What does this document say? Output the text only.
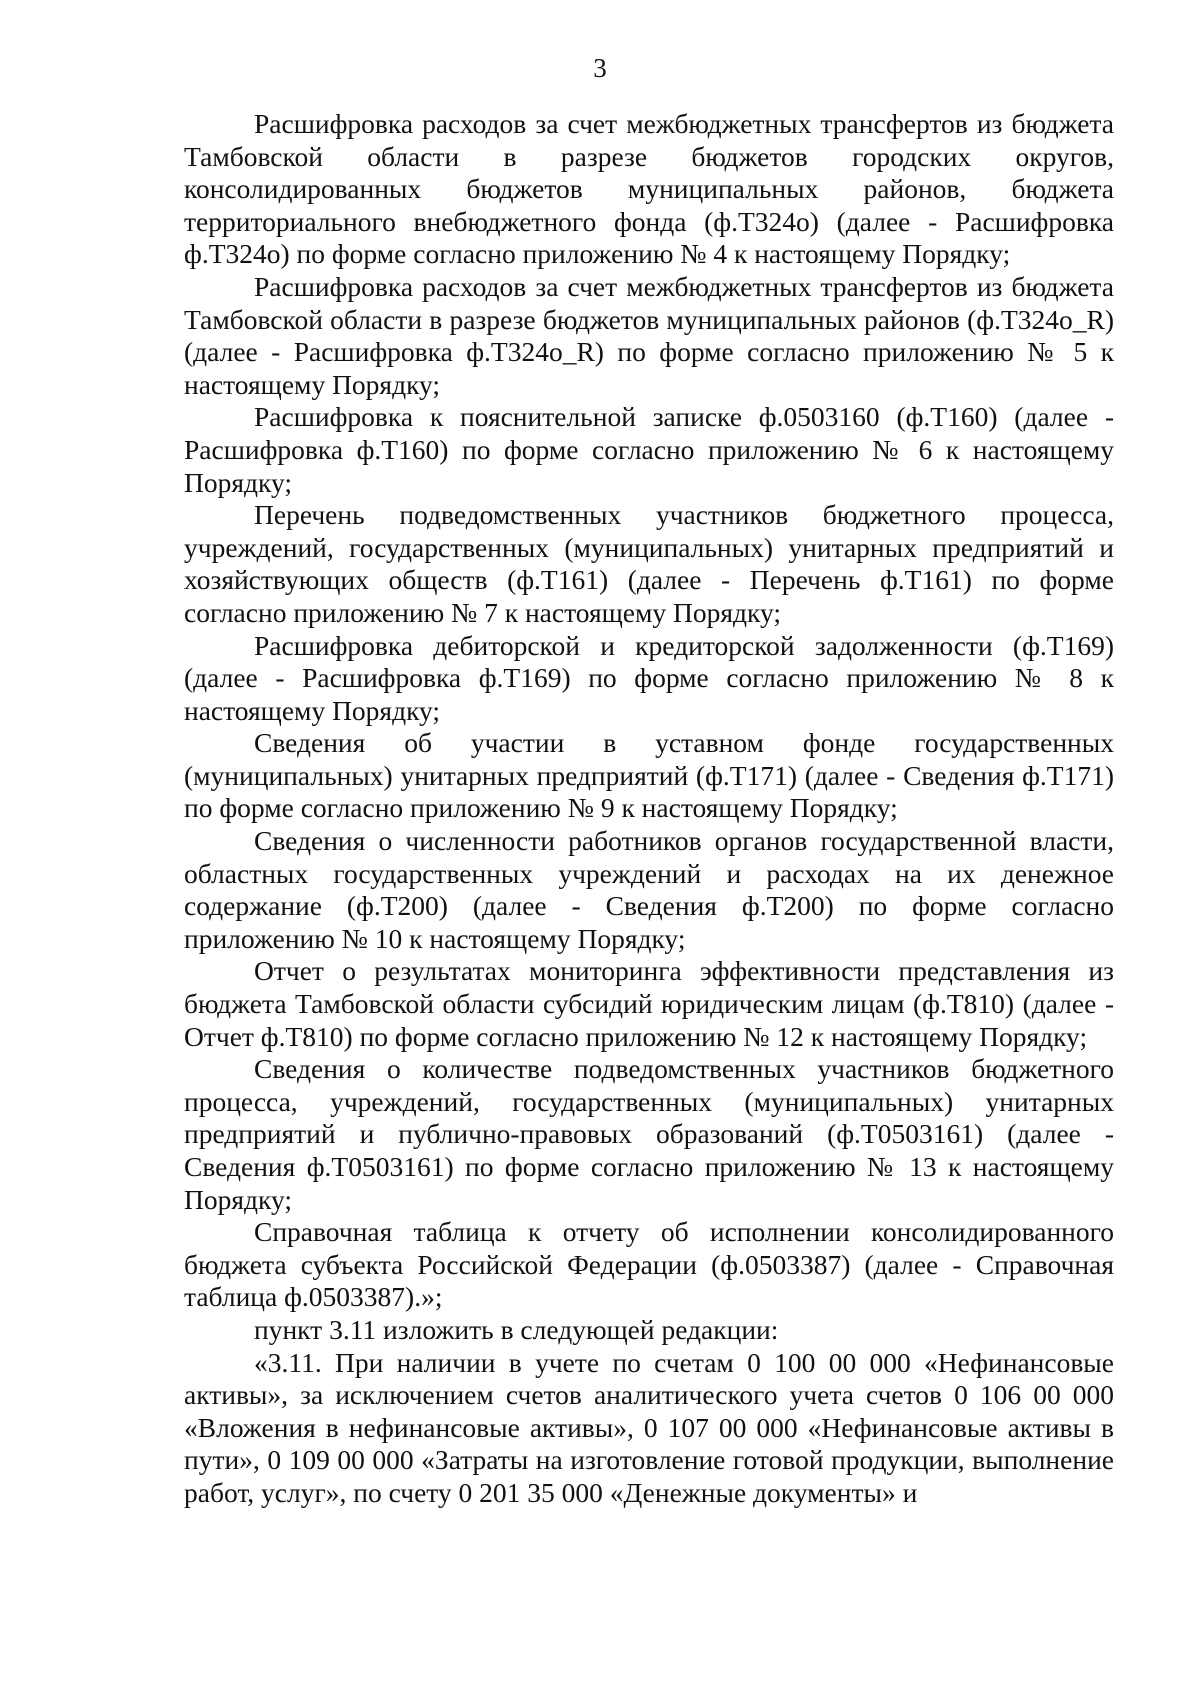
3

Расшифровка расходов за счет межбюджетных трансфертов из бюджета Тамбовской области в разрезе бюджетов городских округов, консолидированных бюджетов муниципальных районов, бюджета территориального внебюджетного фонда (ф.Т324о) (далее - Расшифровка ф.Т324о) по форме согласно приложению № 4 к настоящему Порядку;

Расшифровка расходов за счет межбюджетных трансфертов из бюджета Тамбовской области в разрезе бюджетов муниципальных районов (ф.Т324о_R) (далее - Расшифровка ф.Т324о_R) по форме согласно приложению № 5 к настоящему Порядку;

Расшифровка к пояснительной записке ф.0503160 (ф.Т160) (далее - Расшифровка ф.Т160) по форме согласно приложению № 6 к настоящему Порядку;

Перечень подведомственных участников бюджетного процесса, учреждений, государственных (муниципальных) унитарных предприятий и хозяйствующих обществ (ф.Т161) (далее - Перечень ф.Т161) по форме согласно приложению № 7 к настоящему Порядку;

Расшифровка дебиторской и кредиторской задолженности (ф.Т169) (далее - Расшифровка ф.Т169) по форме согласно приложению № 8 к настоящему Порядку;

Сведения об участии в уставном фонде государственных (муниципальных) унитарных предприятий (ф.Т171) (далее - Сведения ф.Т171) по форме согласно приложению № 9 к настоящему Порядку;

Сведения о численности работников органов государственной власти, областных государственных учреждений и расходах на их денежное содержание (ф.Т200) (далее - Сведения ф.Т200) по форме согласно приложению № 10 к настоящему Порядку;

Отчет о результатах мониторинга эффективности представления из бюджета Тамбовской области субсидий юридическим лицам (ф.Т810) (далее - Отчет ф.Т810) по форме согласно приложению № 12 к настоящему Порядку;

Сведения о количестве подведомственных участников бюджетного процесса, учреждений, государственных (муниципальных) унитарных предприятий и публично-правовых образований (ф.Т0503161) (далее - Сведения ф.Т0503161) по форме согласно приложению № 13 к настоящему Порядку;

Справочная таблица к отчету об исполнении консолидированного бюджета субъекта Российской Федерации (ф.0503387) (далее - Справочная таблица ф.0503387).»;

пункт 3.11 изложить в следующей редакции:

«3.11. При наличии в учете по счетам 0 100 00 000 «Нефинансовые активы», за исключением счетов аналитического учета счетов 0 106 00 000 «Вложения в нефинансовые активы», 0 107 00 000 «Нефинансовые активы в пути», 0 109 00 000 «Затраты на изготовление готовой продукции, выполнение работ, услуг», по счету 0 201 35 000 «Денежные документы» и
